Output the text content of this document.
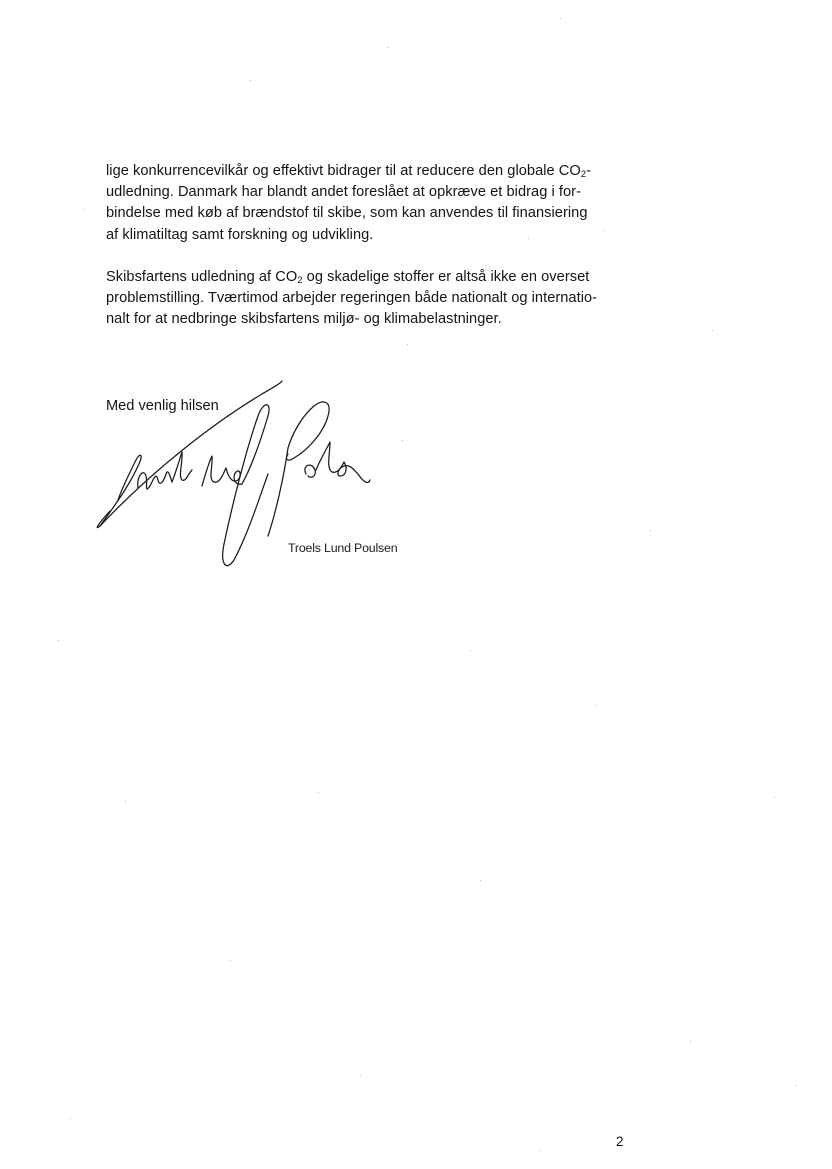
lige konkurrencevilkår og effektivt bidrager til at reducere den globale $CO_2-$
udledning. Danmark har blandt andet foreslået at opkræve et bidrag i for-
bindelse med køb af brændstof til skibe, som kan anvendes til finansiering
af klimatiltag samt forskning og udvikling.

Skibsfartens udledning af $CO_2$ og skadelige stoffer er altså ikke en overset
problemstilling. Tværtimod arbejder regeringen både nationalt og internatio-
nalt for at nedbringe skibsfartens miljø- og klimabelastninger.

Med venlig hilsen
Troels Lund Poulsen
2
